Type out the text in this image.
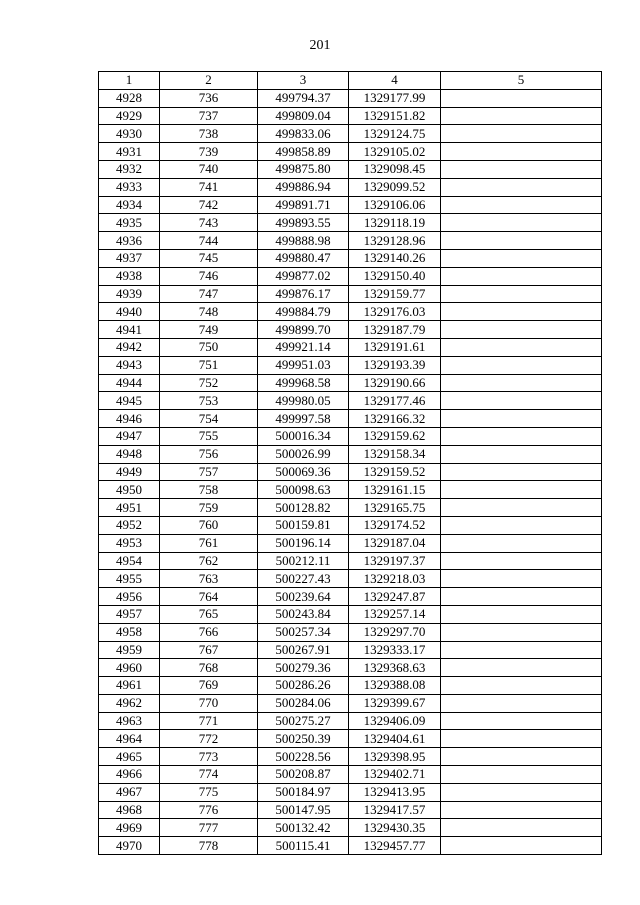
201
1	2	3	4	5
4928	736	499794.37	1329177.99	
4929	737	499809.04	1329151.82	
4930	738	499833.06	1329124.75	
4931	739	499858.89	1329105.02	
4932	740	499875.80	1329098.45	
4933	741	499886.94	1329099.52	
4934	742	499891.71	1329106.06	
4935	743	499893.55	1329118.19	
4936	744	499888.98	1329128.96	
4937	745	499880.47	1329140.26	
4938	746	499877.02	1329150.40	
4939	747	499876.17	1329159.77	
4940	748	499884.79	1329176.03	
4941	749	499899.70	1329187.79	
4942	750	499921.14	1329191.61	
4943	751	499951.03	1329193.39	
4944	752	499968.58	1329190.66	
4945	753	499980.05	1329177.46	
4946	754	499997.58	1329166.32	
4947	755	500016.34	1329159.62	
4948	756	500026.99	1329158.34	
4949	757	500069.36	1329159.52	
4950	758	500098.63	1329161.15	
4951	759	500128.82	1329165.75	
4952	760	500159.81	1329174.52	
4953	761	500196.14	1329187.04	
4954	762	500212.11	1329197.37	
4955	763	500227.43	1329218.03	
4956	764	500239.64	1329247.87	
4957	765	500243.84	1329257.14	
4958	766	500257.34	1329297.70	
4959	767	500267.91	1329333.17	
4960	768	500279.36	1329368.63	
4961	769	500286.26	1329388.08	
4962	770	500284.06	1329399.67	
4963	771	500275.27	1329406.09	
4964	772	500250.39	1329404.61	
4965	773	500228.56	1329398.95	
4966	774	500208.87	1329402.71	
4967	775	500184.97	1329413.95	
4968	776	500147.95	1329417.57	
4969	777	500132.42	1329430.35	
4970	778	500115.41	1329457.77	
